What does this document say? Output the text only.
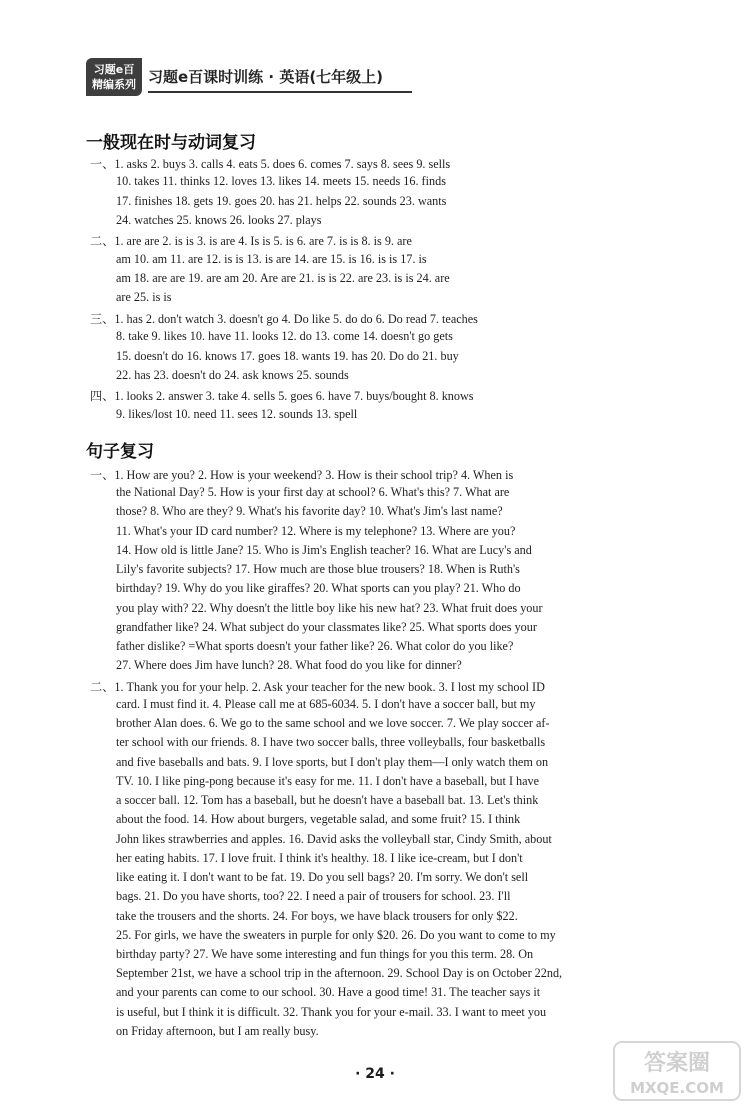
习题e百
精编系列 习题e百课时训练 · 英语(七年级上)
一般现在时与动词复习
一、1. asks 2. buys 3. calls 4. eats 5. does 6. comes 7. says 8. sees 9. sells
10. takes 11. thinks 12. loves 13. likes 14. meets 15. needs 16. finds
17. finishes 18. gets 19. goes 20. has 21. helps 22. sounds 23. wants
24. watches 25. knows 26. looks 27. plays
二、1. are are 2. is is 3. is are 4. Is is 5. is 6. are 7. is is 8. is 9. are
am 10. am 11. are 12. is is 13. is are 14. are 15. is 16. is is 17. is
am 18. are are 19. are am 20. Are are 21. is is 22. are 23. is is 24. are
are 25. is is
三、1. has 2. don't watch 3. doesn't go 4. Do like 5. do do 6. Do read 7. teaches
8. take 9. likes 10. have 11. looks 12. do 13. come 14. doesn't go gets
15. doesn't do 16. knows 17. goes 18. wants 19. has 20. Do do 21. buy
22. has 23. doesn't do 24. ask knows 25. sounds
四、1. looks 2. answer 3. take 4. sells 5. goes 6. have 7. buys/bought 8. knows
9. likes/lost 10. need 11. sees 12. sounds 13. spell
句子复习
一、1. How are you? 2. How is your weekend? 3. How is their school trip? 4. When is
the National Day? 5. How is your first day at school? 6. What's this? 7. What are
those? 8. Who are they? 9. What's his favorite day? 10. What's Jim's last name?
11. What's your ID card number? 12. Where is my telephone? 13. Where are you?
14. How old is little Jane? 15. Who is Jim's English teacher? 16. What are Lucy's and
Lily's favorite subjects? 17. How much are those blue trousers? 18. When is Ruth's
birthday? 19. Why do you like giraffes? 20. What sports can you play? 21. Who do
you play with? 22. Why doesn't the little boy like his new hat? 23. What fruit does your
grandfather like? 24. What subject do your classmates like? 25. What sports does your
father dislike? =What sports doesn't your father like? 26. What color do you like?
27. Where does Jim have lunch? 28. What food do you like for dinner?
二、1. Thank you for your help. 2. Ask your teacher for the new book. 3. I lost my school ID
card. I must find it. 4. Please call me at 685-6034. 5. I don't have a soccer ball, but my
brother Alan does. 6. We go to the same school and we love soccer. 7. We play soccer af-
ter school with our friends. 8. I have two soccer balls, three volleyballs, four basketballs
and five baseballs and bats. 9. I love sports, but I don't play them—I only watch them on
TV. 10. I like ping-pong because it's easy for me. 11. I don't have a baseball, but I have
a soccer ball. 12. Tom has a baseball, but he doesn't have a baseball bat. 13. Let's think
about the food. 14. How about burgers, vegetable salad, and some fruit? 15. I think
John likes strawberries and apples. 16. David asks the volleyball star, Cindy Smith, about
her eating habits. 17. I love fruit. I think it's healthy. 18. I like ice-cream, but I don't
like eating it. I don't want to be fat. 19. Do you sell bags? 20. I'm sorry. We don't sell
bags. 21. Do you have shorts, too? 22. I need a pair of trousers for school. 23. I'll
take the trousers and the shorts. 24. For boys, we have black trousers for only $22.
25. For girls, we have the sweaters in purple for only $20. 26. Do you want to come to my
birthday party? 27. We have some interesting and fun things for you this term. 28. On
September 21st, we have a school trip in the afternoon. 29. School Day is on October 22nd,
and your parents can come to our school. 30. Have a good time! 31. The teacher says it
is useful, but I think it is difficult. 32. Thank you for your e-mail. 33. I want to meet you
on Friday afternoon, but I am really busy.
· 24 ·	答案圈
MXQE.COM
